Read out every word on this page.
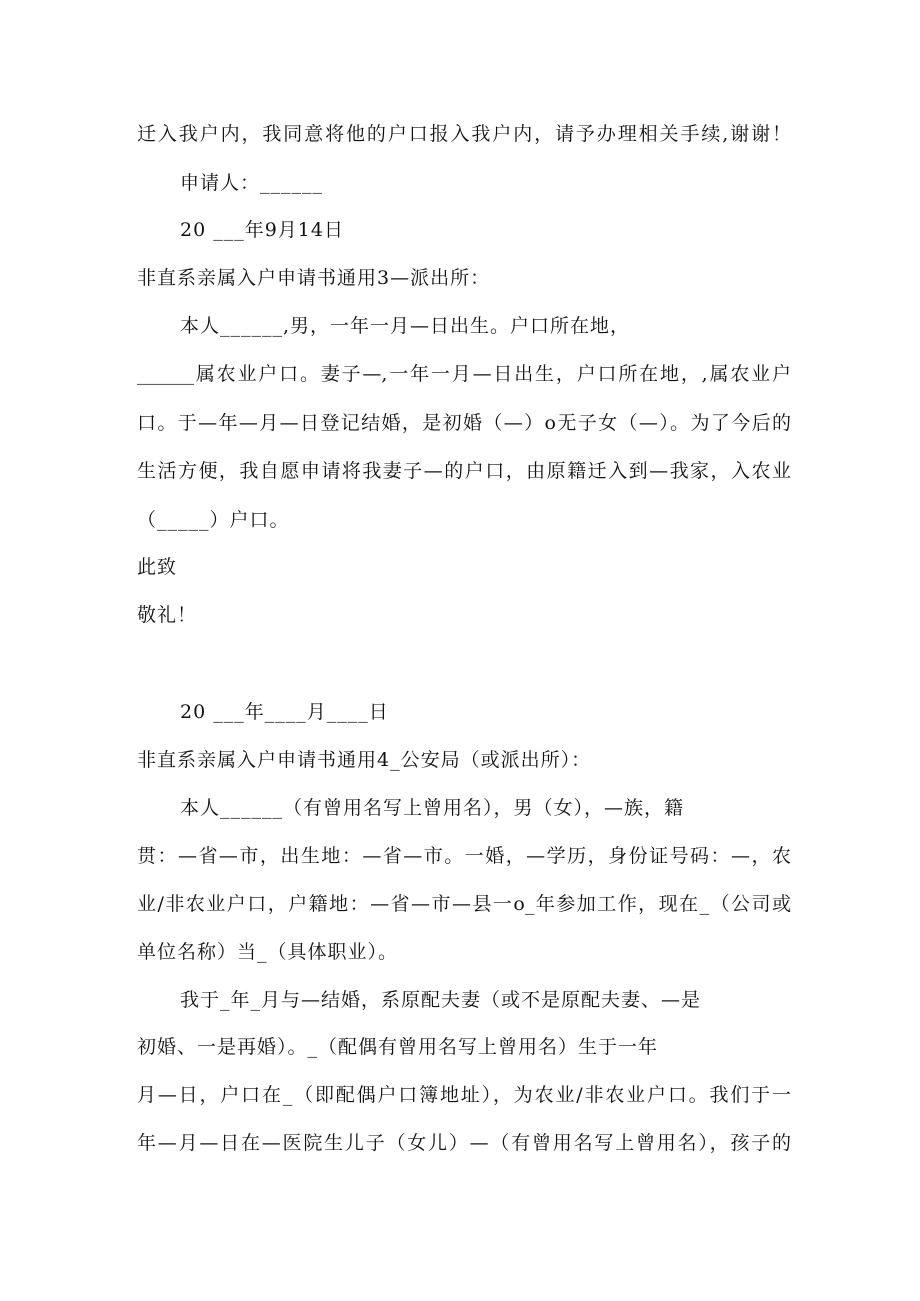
迁入我户内，我同意将他的户口报入我户内，请予办理相关手续,谢谢！
申请人：______
20 ___年9月14日
非直系亲属入户申请书通用3—派出所：
本人______,男，一年一月—日出生。户口所在地，
______属农业户口。妻子—,一年一月—日出生，户口所在地，,属农业户
口。于—年—月—日登记结婚，是初婚（—）o无子女（—）。为了今后的
生活方便，我自愿申请将我妻子—的户口，由原籍迁入到—我家，入农业
（_____）户口。
此致
敬礼！
20 ___年____月____日
非直系亲属入户申请书通用4_公安局（或派出所）：
本人______（有曾用名写上曾用名），男（女），—族，籍
贯：—省—市，出生地：—省—市。一婚，—学历，身份证号码：—，农
业/非农业户口，户籍地：—省—市—县一o_年参加工作，现在_（公司或
单位名称）当_（具体职业）。
我于_年_月与—结婚，系原配夫妻（或不是原配夫妻、—是
初婚、一是再婚）。_（配偶有曾用名写上曾用名）生于一年
月—日，户口在_（即配偶户口簿地址），为农业/非农业户口。我们于一
年—月—日在—医院生儿子（女儿）—（有曾用名写上曾用名），孩子的
